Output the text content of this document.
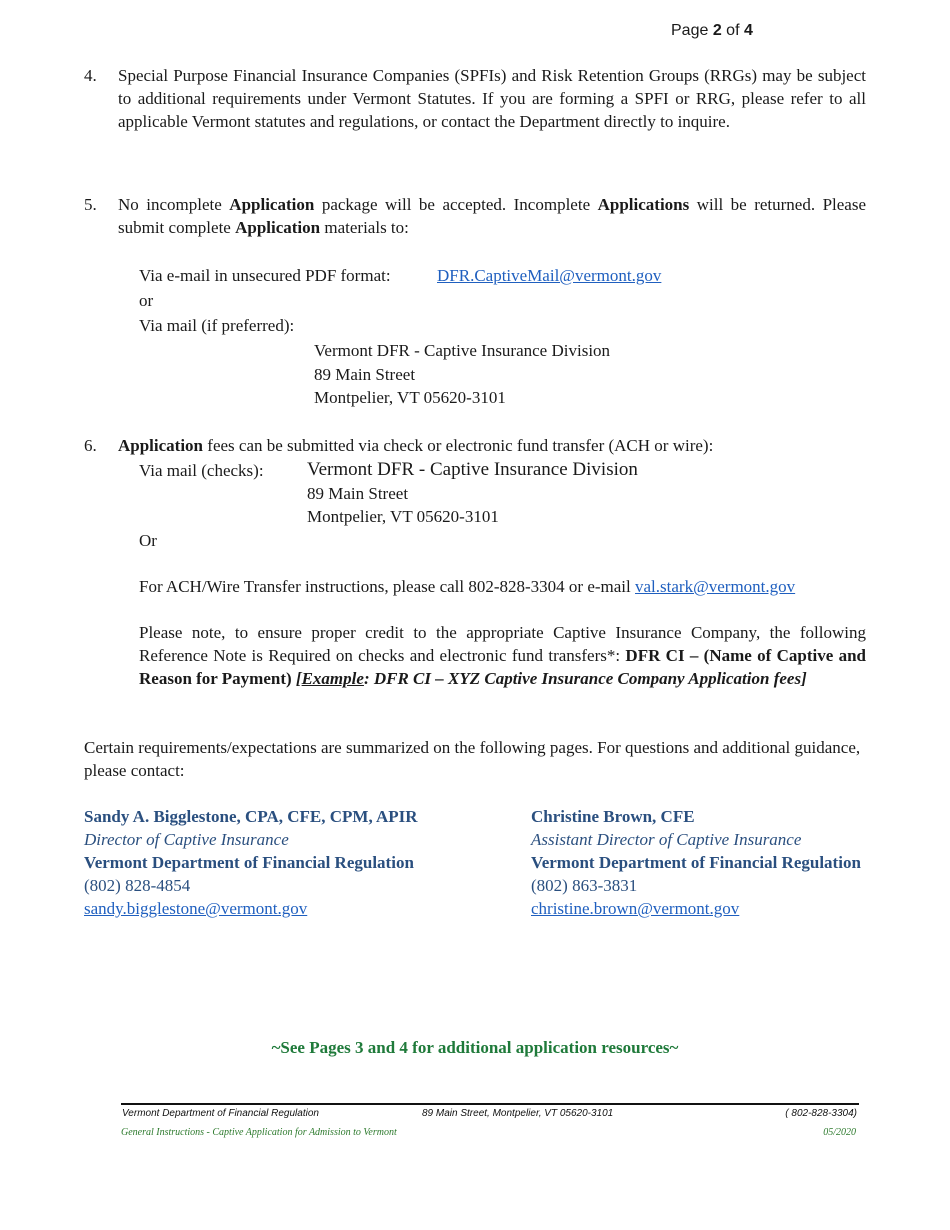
Page 2 of 4
4. Special Purpose Financial Insurance Companies (SPFIs) and Risk Retention Groups (RRGs) may be subject to additional requirements under Vermont Statutes. If you are forming a SPFI or RRG, please refer to all applicable Vermont statutes and regulations, or contact the Department directly to inquire.
5. No incomplete Application package will be accepted. Incomplete Applications will be returned. Please submit complete Application materials to:
Via e-mail in unsecured PDF format:	DFR.CaptiveMail@vermont.gov
or
Via mail (if preferred):
Vermont DFR - Captive Insurance Division
89 Main Street
Montpelier, VT 05620-3101
6. Application fees can be submitted via check or electronic fund transfer (ACH or wire):
Via mail (checks): Vermont DFR - Captive Insurance Division
89 Main Street
Montpelier, VT 05620-3101
Or
For ACH/Wire Transfer instructions, please call 802-828-3304 or e-mail val.stark@vermont.gov
Please note, to ensure proper credit to the appropriate Captive Insurance Company, the following Reference Note is Required on checks and electronic fund transfers*: DFR CI – (Name of Captive and Reason for Payment) [Example: DFR CI – XYZ Captive Insurance Company Application fees]
Certain requirements/expectations are summarized on the following pages. For questions and additional guidance, please contact:
Sandy A. Bigglestone, CPA, CFE, CPM, APIR
Director of Captive Insurance
Vermont Department of Financial Regulation
(802) 828-4854
sandy.bigglestone@vermont.gov
Christine Brown, CFE
Assistant Director of Captive Insurance
Vermont Department of Financial Regulation
(802) 863-3831
christine.brown@vermont.gov
~See Pages 3 and 4 for additional application resources~
Vermont Department of Financial Regulation	89 Main Street, Montpelier, VT 05620-3101	( 802-828-3304)
General Instructions - Captive Application for Admission to Vermont	05/2020
